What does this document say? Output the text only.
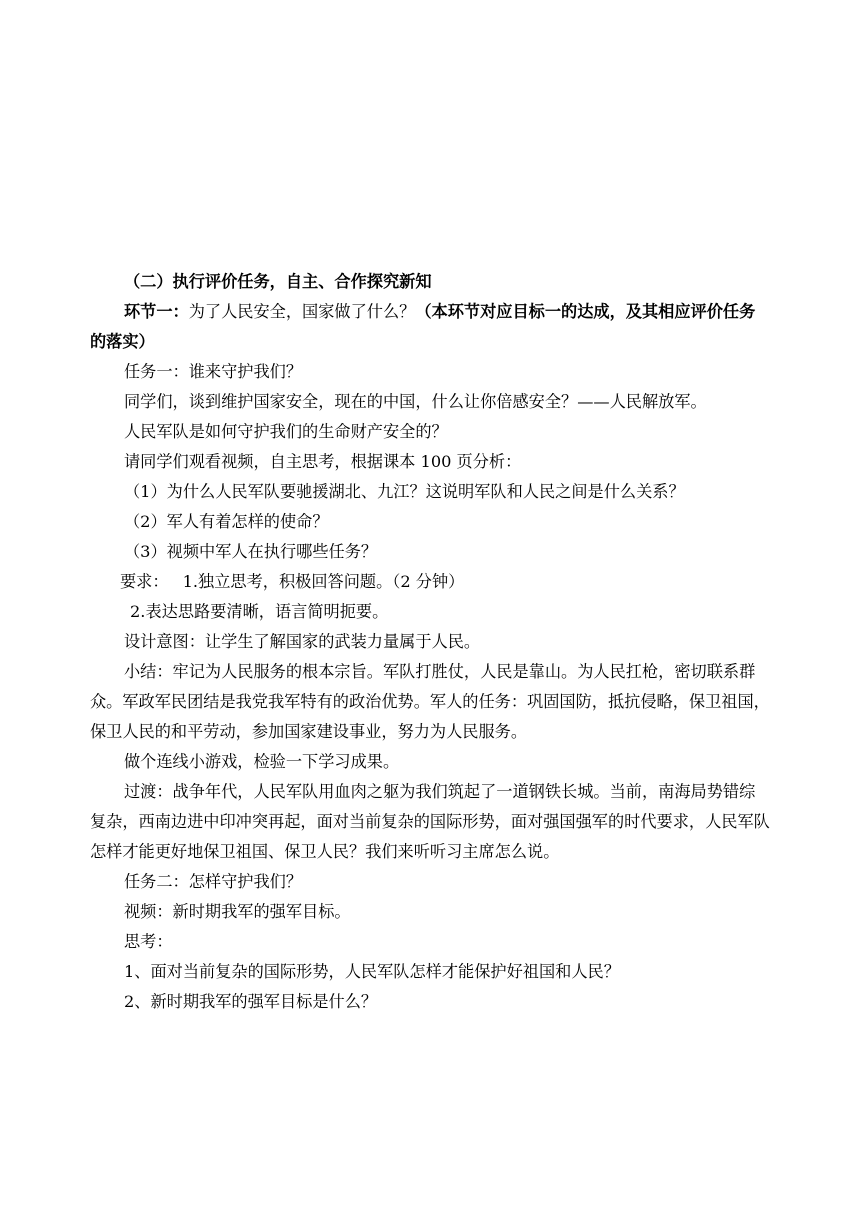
（二）执行评价任务，自主、合作探究新知

环节一：为了人民安全，国家做了什么？（本环节对应目标一的达成，及其相应评价任务的落实）

任务一：谁来守护我们？

同学们，谈到维护国家安全，现在的中国，什么让你倍感安全？——人民解放军。

人民军队是如何守护我们的生命财产安全的？

请同学们观看视频，自主思考，根据课本 100 页分析：

（1）为什么人民军队要驰援湖北、九江？这说明军队和人民之间是什么关系？

（2）军人有着怎样的使命？

（3）视频中军人在执行哪些任务？

要求： 1.独立思考，积极回答问题。（2 分钟）

2.表达思路要清晰，语言简明扼要。

设计意图：让学生了解国家的武装力量属于人民。

小结：牢记为人民服务的根本宗旨。军队打胜仗，人民是靠山。为人民扛枪，密切联系群众。军政军民团结是我党我军特有的政治优势。军人的任务：巩固国防，抵抗侵略，保卫祖国，保卫人民的和平劳动，参加国家建设事业，努力为人民服务。

做个连线小游戏，检验一下学习成果。

过渡：战争年代，人民军队用血肉之躯为我们筑起了一道钢铁长城。当前，南海局势错综复杂，西南边进中印冲突再起，面对当前复杂的国际形势，面对强国强军的时代要求，人民军队怎样才能更好地保卫祖国、保卫人民？我们来听听习主席怎么说。

任务二：怎样守护我们？

视频：新时期我军的强军目标。

思考：

1、面对当前复杂的国际形势，人民军队怎样才能保护好祖国和人民？

2、新时期我军的强军目标是什么？
